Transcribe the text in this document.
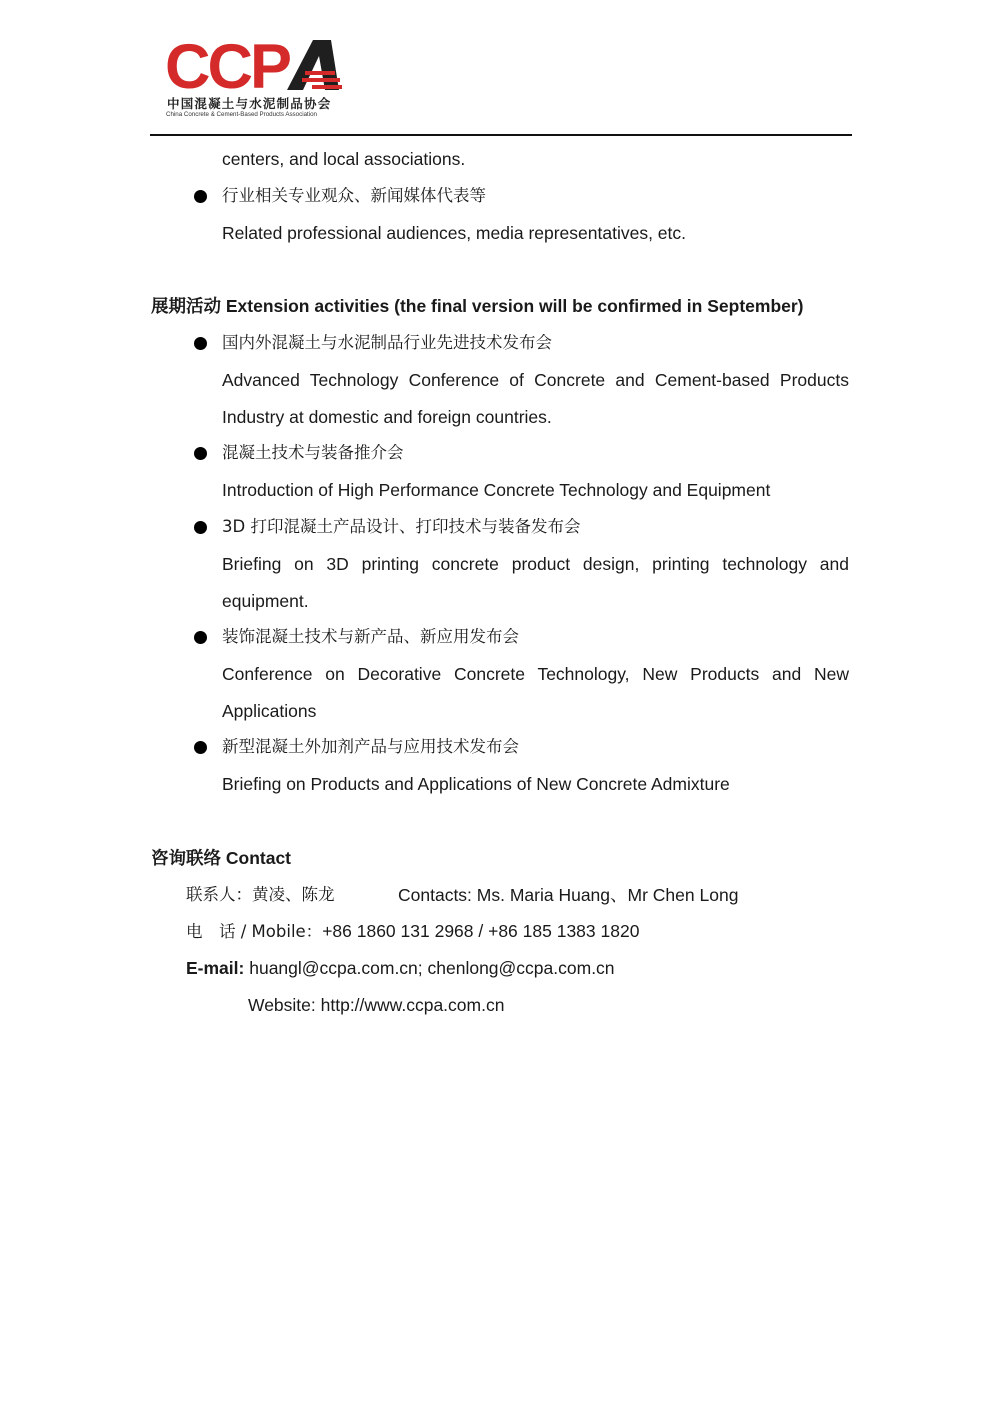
CCP
中国混凝土与水泥制品协会
China Concrete & Cement-Based Products Association
centers, and local associations.
行业相关专业观众、新闻媒体代表等
Related professional audiences, media representatives, etc.
展期活动 Extension activities (the final version will be confirmed in September)
国内外混凝土与水泥制品行业先进技术发布会
Advanced Technology Conference of Concrete and Cement-based Products
Industry at domestic and foreign countries.
混凝土技术与装备推介会
Introduction of High Performance Concrete Technology and Equipment
3D 打印混凝土产品设计、打印技术与装备发布会
Briefing on 3D printing concrete product design, printing technology and
equipment.
装饰混凝土技术与新产品、新应用发布会
Conference on Decorative Concrete Technology, New Products and New
Applications
新型混凝土外加剂产品与应用技术发布会
Briefing on Products and Applications of New Concrete Admixture
咨询联络 Contact
联系人：黄凌、陈龙	Contacts: Ms. Maria Huang、Mr Chen Long
电　话 / Mobile：+86 1860 131 2968 / +86 185 1383 1820
E-mail: huangl@ccpa.com.cn; chenlong@ccpa.com.cn
Website: http://www.ccpa.com.cn
